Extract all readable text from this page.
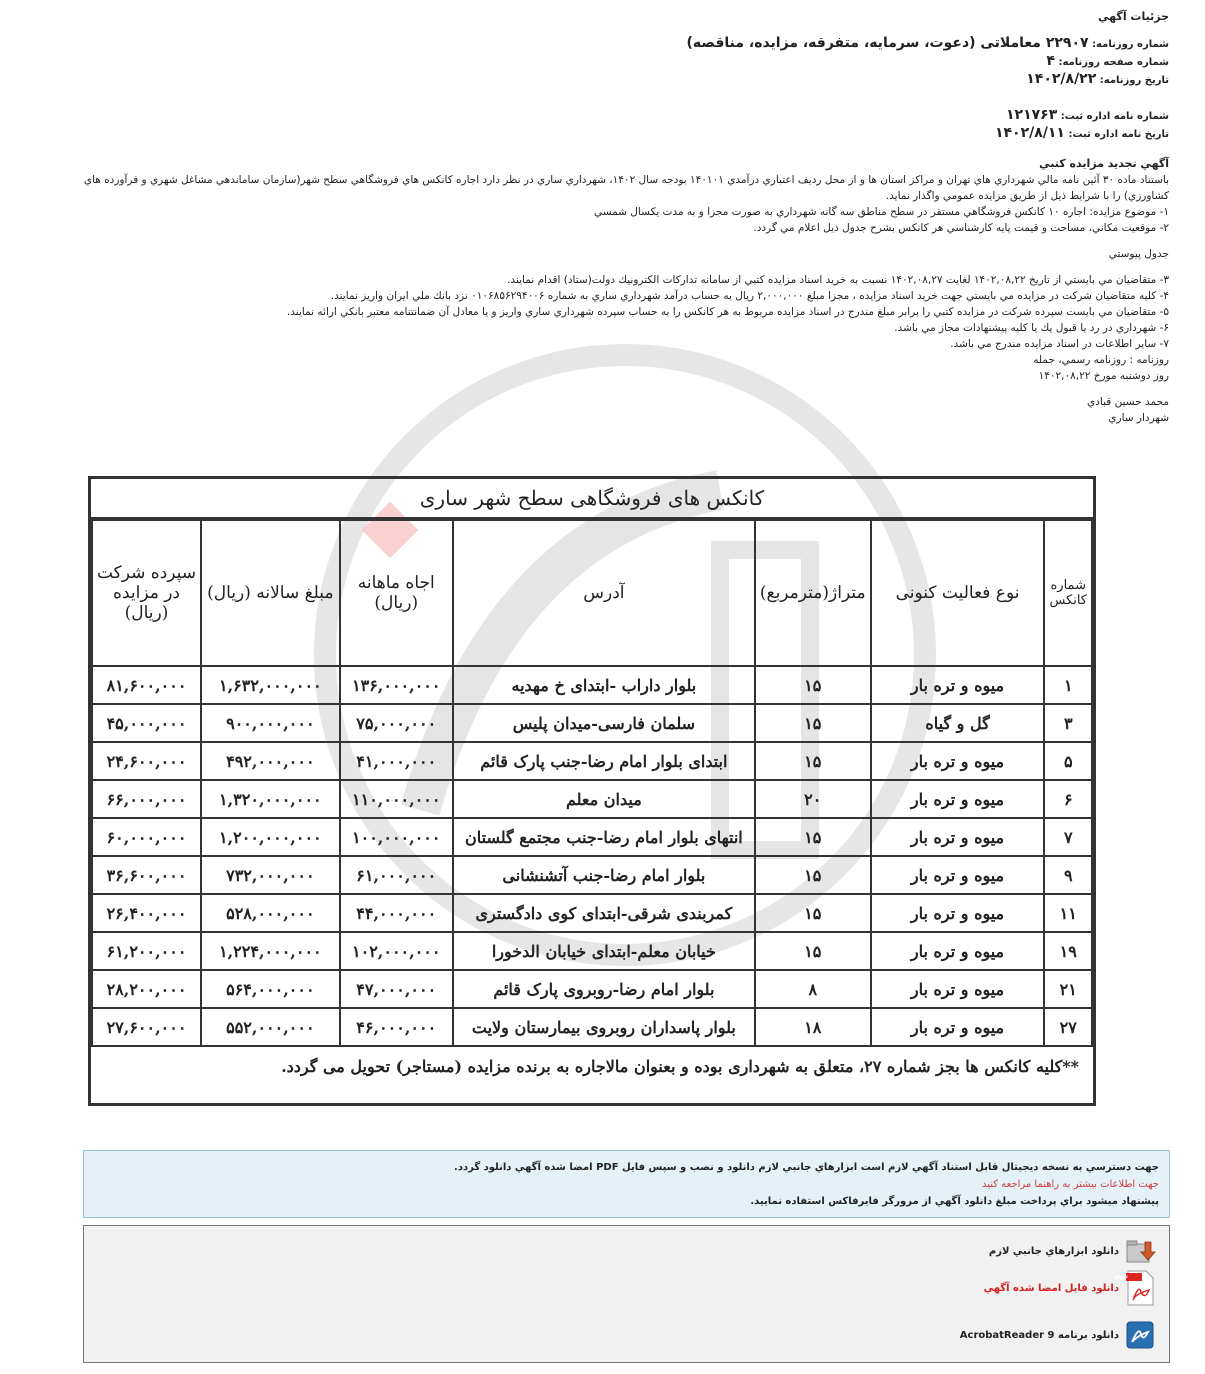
جزئيات آگهي
شماره روزنامه: ۲۲۹۰۷ معاملاتی (دعوت، سرمایه، متفرقه، مزایده، مناقصه)
شماره صفحه روزنامه: ۴
تاريخ روزنامه: ۱۴۰۲/۸/۲۲
شماره نامه اداره ثبت: ۱۲۱۷۶۳
تاريخ نامه اداره ثبت: ۱۴۰۲/۸/۱۱

آگهي تجديد مزايده كتبي

باستناد ماده ۳۰ آئين نامه مالي شهرداري هاي تهران و مراكز استان ها و از محل رديف اعتباري درآمدي ۱۴۰۱۰۱ بودجه سال ۱۴۰۲، شهرداري ساري در نظر دارد اجاره كانكس هاي فروشگاهي سطح شهر(سازمان ساماندهي مشاغل شهري و فرآورده هاي كشاورزي) را با شرايط ذيل از طريق مزايده عمومي واگذار نمايد.

۱- موضوع مزايده: اجاره ۱۰ كانكس فروشگاهي مستقر در سطح مناطق سه گانه شهرداري به صورت مجزا و به مدت يكسال شمسي

۲- موقعيت مكاني، مساحت و قيمت پايه كارشناسي هر كانكس بشرح جدول ذيل اعلام مي گردد.

جدول پيوستي

۳- متقاضيان مي بايستي از تاريخ ۱۴۰۲,۰۸,۲۲ لغايت ۱۴۰۲,۰۸,۲۷ نسبت به خريد اسناد مزايده كتبي از سامانه تداركات الكترونيك دولت(ستاد) اقدام نمايند.

۴- كليه متقاضيان شركت در مزايده مي بايستي جهت خريد اسناد مزايده ، مجزا مبلغ ۲,۰۰۰,۰۰۰ ريال به حساب درآمد شهرداري ساري به شماره ۰۱۰۶۸۵۶۲۹۴۰۰۶ نزد بانك ملي ايران واريز نمايند.

۵- متقاضيان مي بايست سپرده شركت در مزايده كتبي را برابر مبلغ مندرج در اسناد مزايده مربوط به هر كانكس را به حساب سپرده شهرداري ساري واريز و يا معادل آن ضمانتنامه معتبر بانكي ارائه نمايند.

۶- شهرداري در رد يا قبول يك يا كليه پيشنهادات مجاز مي باشد.

۷- ساير اطلاعات در اسناد مزايده مندرج مي باشد.

روزنامه : روزنامه رسمي، جمله

روز دوشنبه مورخ ۱۴۰۲,۰۸,۲۲

محمد حسين قبادي

شهردار ساري

کانکس های فروشگاهی سطح شهر ساری
شماره کانکس	نوع فعالیت کنونی	متراژ(مترمربع)	آدرس	اجاه ماهانه (ریال)	مبلغ سالانه (ریال)	سپرده شرکت در مزایده (ریال)
۱	میوه و تره بار	۱۵	بلوار داراب -ابتدای خ مهدیه	۱۳۶,۰۰۰,۰۰۰	۱,۶۳۲,۰۰۰,۰۰۰	۸۱,۶۰۰,۰۰۰
۳	گل و گیاه	۱۵	سلمان فارسی-میدان پلیس	۷۵,۰۰۰,۰۰۰	۹۰۰,۰۰۰,۰۰۰	۴۵,۰۰۰,۰۰۰
۵	میوه و تره بار	۱۵	ابتدای بلوار امام رضا-جنب پارک قائم	۴۱,۰۰۰,۰۰۰	۴۹۲,۰۰۰,۰۰۰	۲۴,۶۰۰,۰۰۰
۶	میوه و تره بار	۲۰	میدان معلم	۱۱۰,۰۰۰,۰۰۰	۱,۳۲۰,۰۰۰,۰۰۰	۶۶,۰۰۰,۰۰۰
۷	میوه و تره بار	۱۵	انتهای بلوار امام رضا-جنب مجتمع گلستان	۱۰۰,۰۰۰,۰۰۰	۱,۲۰۰,۰۰۰,۰۰۰	۶۰,۰۰۰,۰۰۰
۹	میوه و تره بار	۱۵	بلوار امام رضا-جنب آتشنشانی	۶۱,۰۰۰,۰۰۰	۷۳۲,۰۰۰,۰۰۰	۳۶,۶۰۰,۰۰۰
۱۱	میوه و تره بار	۱۵	کمربندی شرقی-ابتدای کوی دادگستری	۴۴,۰۰۰,۰۰۰	۵۲۸,۰۰۰,۰۰۰	۲۶,۴۰۰,۰۰۰
۱۹	میوه و تره بار	۱۵	خیابان معلم-ابتدای خیابان الدخورا	۱۰۲,۰۰۰,۰۰۰	۱,۲۲۴,۰۰۰,۰۰۰	۶۱,۲۰۰,۰۰۰
۲۱	میوه و تره بار	۸	بلوار امام رضا-روبروی پارک قائم	۴۷,۰۰۰,۰۰۰	۵۶۴,۰۰۰,۰۰۰	۲۸,۲۰۰,۰۰۰
۲۷	میوه و تره بار	۱۸	بلوار پاسداران روبروی بیمارستان ولایت	۴۶,۰۰۰,۰۰۰	۵۵۲,۰۰۰,۰۰۰	۲۷,۶۰۰,۰۰۰
**کلیه کانکس ها بجز شماره ۲۷، متعلق به شهرداری بوده و بعنوان مالاجاره به برنده مزایده (مستاجر) تحویل می گردد.
جهت دسترسي به نسخه ديجيتال قابل استناد آگهي لازم است ابزارهاي جانبي لازم دانلود و نصب و سپس فايل PDF امضا شده آگهي دانلود گردد.
جهت اطلاعات بيشتر به راهنما مراجعه كنيد
پيشنهاد ميشود براي پرداخت مبلغ دانلود آگهي از مرورگر فايرفاكس استفاده نماييد.
دانلود ابزارهاي جانبي لازم
PDF
دانلود فايل امضا شده آگهي
دانلود برنامه AcrobatReader 9
